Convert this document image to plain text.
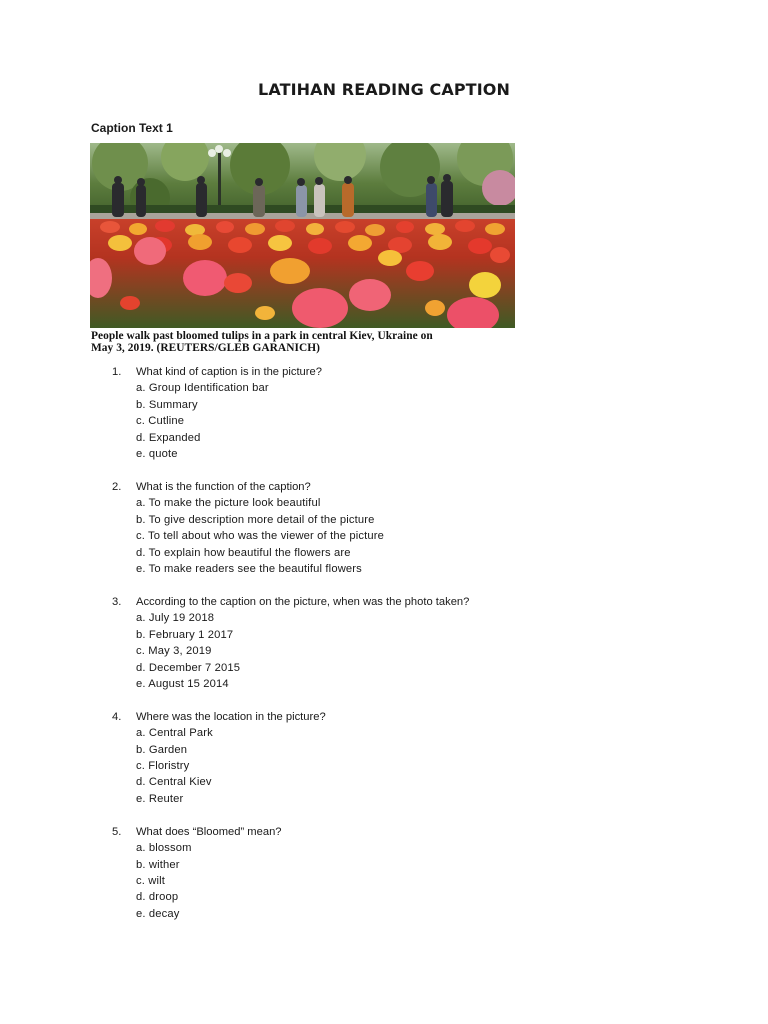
LATIHAN READING CAPTION
Caption Text 1
People walk past bloomed tulips in a park in central Kiev, Ukraine on
May 3, 2019. (REUTERS/GLEB GARANICH)
1. What kind of caption is in the picture?
a. Group Identification bar
b. Summary
c. Cutline
d. Expanded
e. quote
2. What is the function of the caption?
a. To make the picture look beautiful
b. To give description more detail of the picture
c. To tell about who was the viewer of the picture
d. To explain how beautiful the flowers are
e. To make readers see the beautiful flowers
3. According to the caption on the picture, when was the photo taken?
a. July 19 2018
b. February 1 2017
c. May 3, 2019
d. December 7 2015
e. August 15 2014
4. Where was the location in the picture?
a. Central Park
b. Garden
c. Floristry
d. Central Kiev
e. Reuter
5. What does “Bloomed” mean?
a. blossom
b. wither
c. wilt
d. droop
e. decay
